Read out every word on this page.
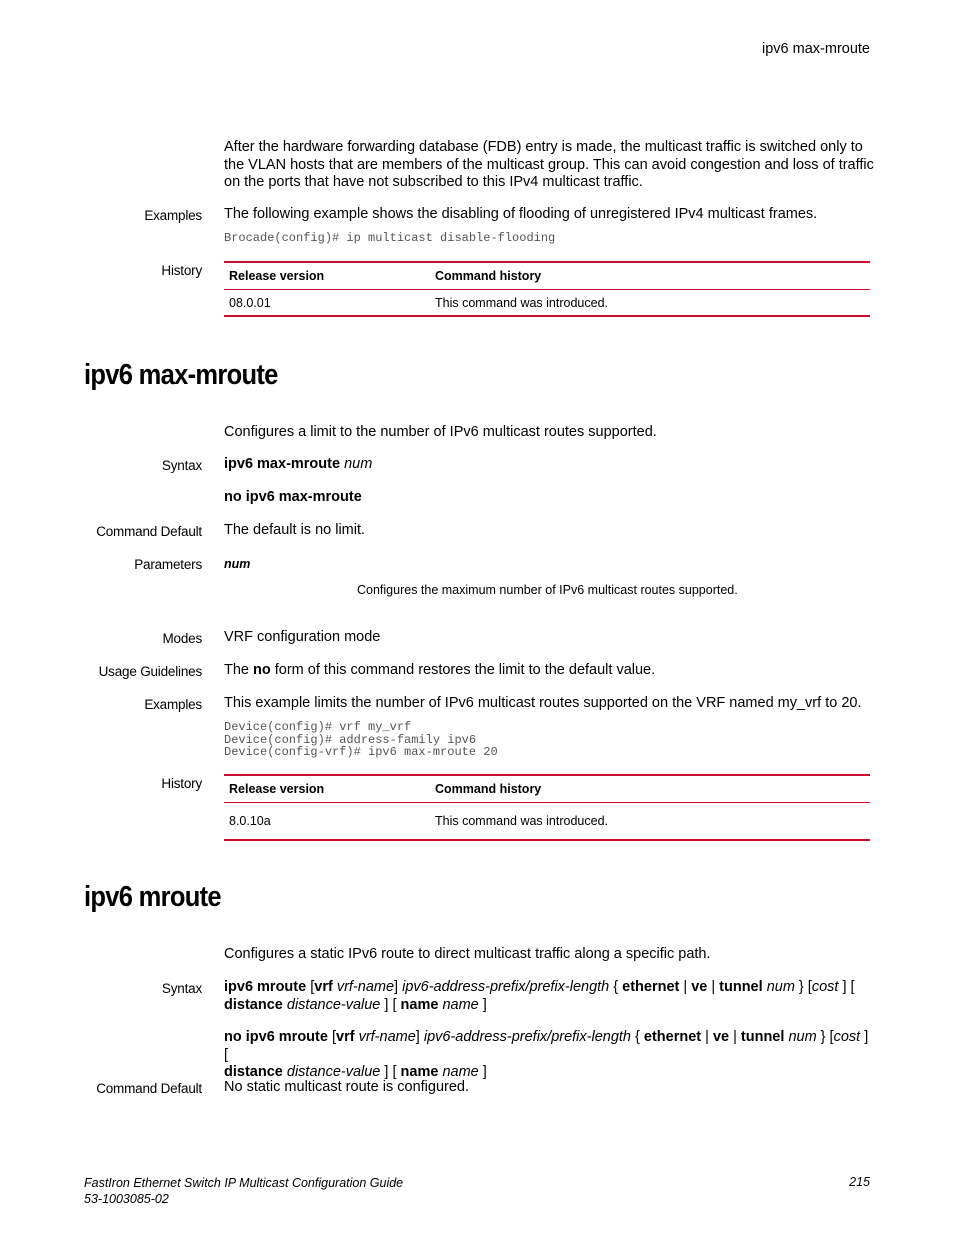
ipv6 max-mroute
After the hardware forwarding database (FDB) entry is made, the multicast traffic is switched only to the VLAN hosts that are members of the multicast group. This can avoid congestion and loss of traffic on the ports that have not subscribed to this IPv4 multicast traffic.
Examples The following example shows the disabling of flooding of unregistered IPv4 multicast frames.
Brocade(config)# ip multicast disable-flooding
History Release version	Command history
08.0.01	This command was introduced.
ipv6 max-mroute
Configures a limit to the number of IPv6 multicast routes supported.
Syntax ipv6 max-mroute num
no ipv6 max-mroute
Command Default The default is no limit.
Parameters num
Configures the maximum number of IPv6 multicast routes supported.
Modes VRF configuration mode
Usage Guidelines The no form of this command restores the limit to the default value.
Examples This example limits the number of IPv6 multicast routes supported on the VRF named my_vrf to 20.
Device(config)# vrf my_vrf
Device(config)# address-family ipv6
Device(config-vrf)# ipv6 max-mroute 20
History Release version	Command history
8.0.10a	This command was introduced.
ipv6 mroute
Configures a static IPv6 route to direct multicast traffic along a specific path.
Syntax ipv6 mroute [vrf vrf-name] ipv6-address-prefix/prefix-length { ethernet | ve | tunnel num } [cost ] [
distance distance-value ] [ name name ]
no ipv6 mroute [vrf vrf-name] ipv6-address-prefix/prefix-length { ethernet | ve | tunnel num } [cost ] [
distance distance-value ] [ name name ]
Command Default No static multicast route is configured.
FastIron Ethernet Switch IP Multicast Configuration Guide
53-1003085-02
215
